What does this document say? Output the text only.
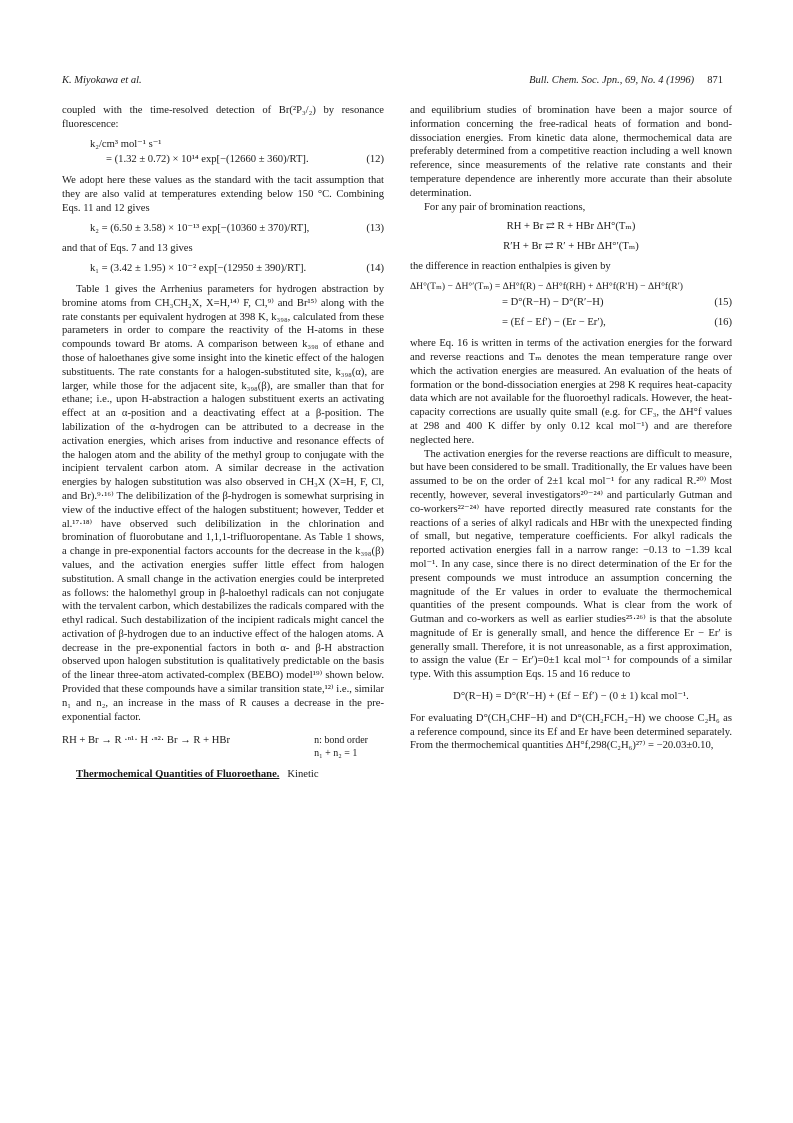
K. Miyokawa et al.	Bull. Chem. Soc. Jpn., 69, No. 4 (1996) 871

coupled with the time-resolved detection of Br(²P₃/₂) by resonance fluorescence:

k₂/cm³ mol⁻¹ s⁻¹
= (1.32 ± 0.72) × 10¹⁴ exp[−(12660 ± 360)/RT].	(12)

We adopt here these values as the standard with the tacit assumption that they are also valid at temperatures extending below 150 °C. Combining Eqs. 11 and 12 gives

k₂ = (6.50 ± 3.58) × 10⁻¹³ exp[−(10360 ± 370)/RT],	(13)

and that of Eqs. 7 and 13 gives

k₁ = (3.42 ± 1.95) × 10⁻² exp[−(12950 ± 390)/RT].	(14)

Table 1 gives the Arrhenius parameters for hydrogen abstraction by bromine atoms from CH₃CH₂X, X=H,¹⁴⁾ F, Cl,⁹⁾ and Br¹⁵⁾ along with the rate constants per equivalent hydrogen at 398 K, k₃₉₈, calculated from these parameters in order to compare the reactivity of the H-atoms in these compounds toward Br atoms. A comparison between k₃₉₈ of ethane and those of haloethanes give some insight into the kinetic effect of the halogen substituents. The rate constants for a halogen-substituted site, k₃₉₈(α), are larger, while those for the adjacent site, k₃₉₈(β), are smaller than that for ethane; i.e., upon H-abstraction a halogen substituent exerts an activating effect at an α-position and a deactivating effect at a β-position. The labilization of the α-hydrogen can be attributed to a decrease in the activation energies, which arises from inductive and resonance effects of the halogen atom and the ability of the methyl group to conjugate with the incipient tervalent carbon atom. A similar decrease in the activation energies by halogen substitution was also observed in CH₃X (X=H, F, Cl, and Br).⁹·¹⁶⁾ The delibilization of the β-hydrogen is somewhat surprising in view of the inductive effect of the halogen substituent; however, Tedder et al.¹⁷·¹⁸⁾ have observed such delibilization in the chlorination and bromination of fluorobutane and 1,1,1-trifluoropentane. As Table 1 shows, a change in pre-exponential factors accounts for the decrease in the k₃₉₈(β) values, and the activation energies suffer little effect from halogen substitution. A small change in the activation energies could be interpreted as follows: the halomethyl group in β-haloethyl radicals can not conjugate with the tervalent carbon, which destabilizes the radicals compared with the ethyl radical. Such destabilization of the incipient radicals might cancel the activation of β-hydrogen due to an inductive effect of the halogen atoms. A decrease in the pre-exponential factors in both α- and β-H abstraction observed upon halogen substitution is qualitatively predictable on the basis of the linear three-atom activated-complex (BEBO) model¹⁹⁾ shown below. Provided that these compounds have a similar transition state,¹²⁾ i.e., similar n₁ and n₂, an increase in the mass of R causes a decrease in the pre-exponential factor.

RH + Br → R ·ⁿ¹· H ·ⁿ²· Br → R + HBr	n: bond order
n₁ + n₂ = 1

Thermochemical Quantities of Fluoroethane. Kinetic

and equilibrium studies of bromination have been a major source of information concerning the free-radical heats of formation and bond-dissociation energies. From kinetic data alone, thermochemical data are preferably determined from a competitive reaction including a well known reference, since measurements of the relative rate constants and their temperature dependence are inherently more accurate than their absolute determination.

For any pair of bromination reactions,

RH + Br ⇄ R + HBr ΔH°(Tₘ)
R′H + Br ⇄ R′ + HBr ΔH°′(Tₘ)

the difference in reaction enthalpies is given by

ΔH°(Tₘ) − ΔH°′(Tₘ) = ΔH°f(R) − ΔH°f(RH) + ΔH°f(R′H) − ΔH°f(R′)
= D°(R−H) − D°(R′−H)	(15)
= (Ef − Ef′) − (Er − Er′),	(16)

where Eq. 16 is written in terms of the activation energies for the forward and reverse reactions and Tₘ denotes the mean temperature range over which the activation energies are measured. An evaluation of the heats of formation or the bond-dissociation energies at 298 K requires heat-capacity data which are not available for the fluoroethyl radicals. However, the heat-capacity corrections are usually quite small (e.g. for CF₃, the ΔH°f values at 298 and 400 K differ by only 0.12 kcal mol⁻¹) and are therefore neglected here.

The activation energies for the reverse reactions are difficult to measure, but have been considered to be small. Traditionally, the Er values have been assumed to be on the order of 2±1 kcal mol⁻¹ for any radical R.²⁰⁾ Most recently, however, several investigators²⁰⁻²⁴⁾ and particularly Gutman and co-workers²²⁻²⁴⁾ have reported directly measured rate constants for the reactions of a series of alkyl radicals and HBr with the unexpected finding of small, but negative, temperature coefficients. For alkyl radicals the reported activation energies fall in a narrow range: −0.13 to −1.39 kcal mol⁻¹. In any case, since there is no direct determination of the Er for the present compounds we must introduce an assumption concerning the magnitude of the Er values in order to evaluate the thermochemical quantities of the present compounds. What is clear from the work of Gutman and co-workers as well as earlier studies²⁵·²⁶⁾ is that the absolute magnitude of Er is generally small, and hence the difference Er − Er′ is generally small. Therefore, it is not unreasonable, as a first approximation, to assign the value (Er − Er′)=0±1 kcal mol⁻¹ for compounds of a similar type. With this assumption Eqs. 15 and 16 reduce to

D°(R−H) = D°(R′−H) + (Ef − Ef′) − (0 ± 1) kcal mol⁻¹.

For evaluating D°(CH₃CHF−H) and D°(CH₂FCH₂−H) we choose C₂H₆ as a reference compound, since its Ef and Er have been determined separately. From the thermochemical quantities ΔH°f,298(C₂H₆)²⁷⁾ = −20.03±0.10,
